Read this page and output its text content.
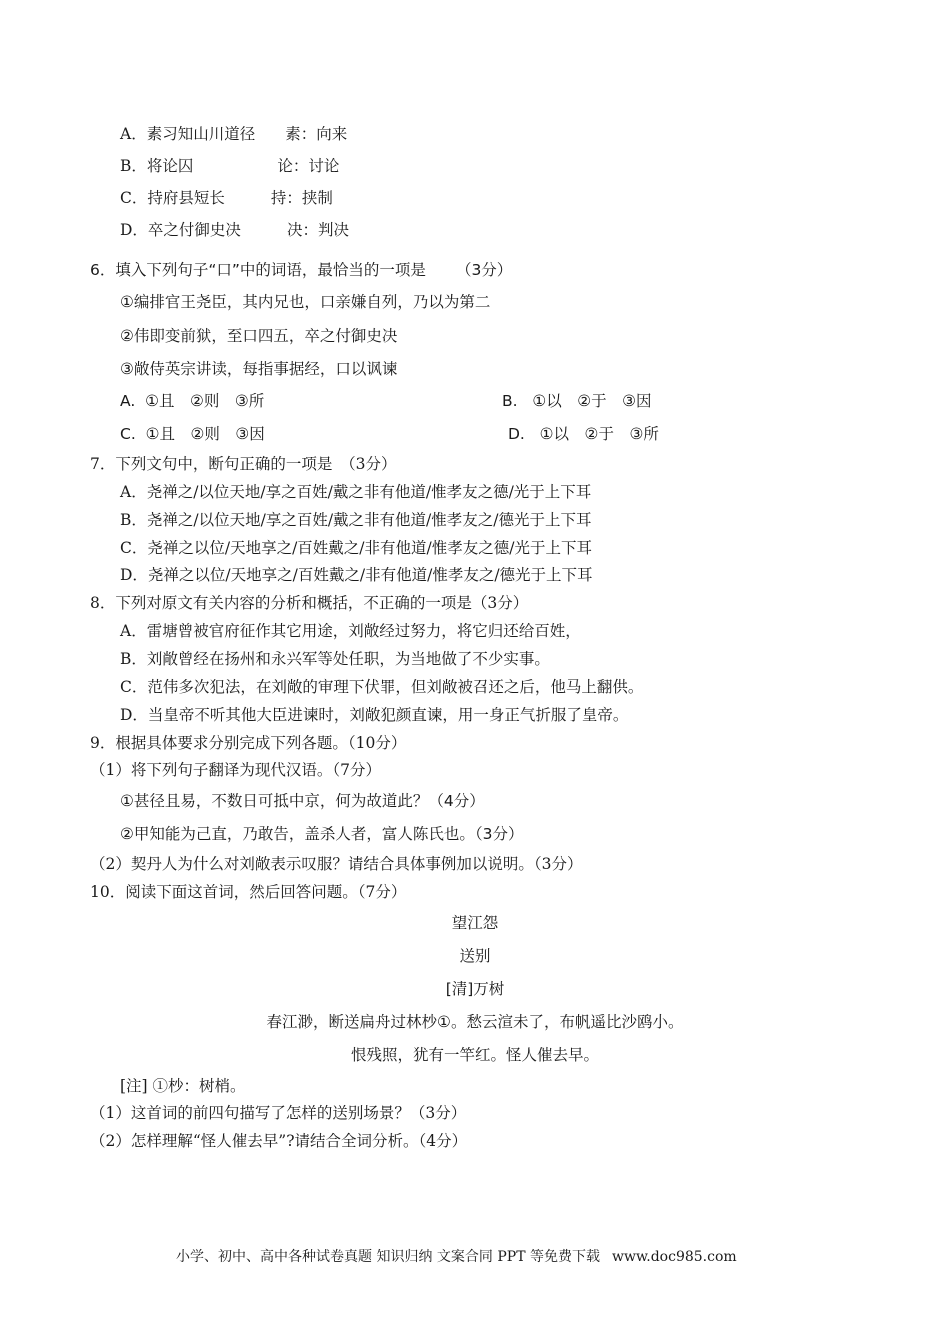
A．素习知山川道径 素：向来
B．将论囚	论：讨论
C．持府县短长	持：挟制
D．卒之付御史决	决：判决
6．填入下列句子“口”中的词语，最恰当的一项是 （3分）
①编排官王尧臣，其内兄也，口亲嫌自列，乃以为第二
②伟即变前狱，至口四五，卒之付御史决
③敞侍英宗讲读，每指事据经，口以讽谏
A. ①且　②则　③所	B. ①以　②于　③因
C. ①且　②则　③因	D. ①以　②于　③所
7．下列文句中，断句正确的一项是　（3分）
A．尧禅之/以位天地/享之百姓/戴之非有他道/惟孝友之德/光于上下耳
B．尧禅之/以位天地/享之百姓/戴之非有他道/惟孝友之/德光于上下耳
C．尧禅之以位/天地享之/百姓戴之/非有他道/惟孝友之德/光于上下耳
D．尧禅之以位/天地享之/百姓戴之/非有他道/惟孝友之/德光于上下耳
8．下列对原文有关内容的分析和概括，不正确的一项是（3分）
A．雷塘曾被官府征作其它用途，刘敞经过努力，将它归还给百姓，
B．刘敞曾经在扬州和永兴军等处任职，为当地做了不少实事。
C．范伟多次犯法，在刘敞的审理下伏罪，但刘敞被召还之后，他马上翻供。
D．当皇帝不听其他大臣进谏时，刘敞犯颜直谏，用一身正气折服了皇帝。
9．根据具体要求分别完成下列各题。（10分）
（1）将下列句子翻译为现代汉语。（7分）
①甚径且易，不数日可抵中京，何为故道此？（4分）
②甲知能为己直，乃敢告，盖杀人者，富人陈氏也。（3分）
（2）契丹人为什么对刘敞表示叹服？请结合具体事例加以说明。（3分）
10．阅读下面这首词，然后回答问题。（7分）
望江怨
送别
[清]万树
春江渺，断送扁舟过林杪①。愁云渲未了，布帆遥比沙鸥小。
恨残照，犹有一竿红。怪人催去早。
[注] ①杪：树梢。
（1）这首词的前四句描写了怎样的送别场景？（3分）
（2）怎样理解“怪人催去早”?请结合全词分析。（4分）
小学、初中、高中各种试卷真题 知识归纳 文案合同 PPT 等免费下载 www.doc985.com
